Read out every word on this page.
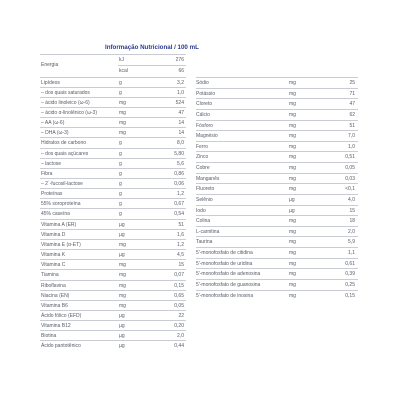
Informação Nutricional / 100 mL
Energia
kJ	276
kcal	66
Lipídeos	g	3,2
– dos quais saturados	g	1,0
– ácido linoleico (ω-6)	mg	524
– ácido α-linolênico (ω-3)	mg	47
– AA (ω-6)	mg	14
– DHA (ω-3)	mg	14
Hidratos de carbono	g	8,0
– dos quais açúcares	g	5,80
– lactose	g	5,6
Fibra	g	0,86
– 2´-fucosil-lactose	g	0,06
Proteínas	g	1,2
55% soroproteína	g	0,67
45% caseína	g	0,54
Vitamina A (ER)	µg	51
Vitamina D	µg	1,6
Vitamina E (α-ET)	mg	1,2
Vitamina K	µg	4,5
Vitamina C	mg	15
Tiamina	mg	0,07
Riboflavina	mg	0,15
Niacina (EN)	mg	0,65
Vitamina B6	mg	0,05
Ácido fólico (EFD)	µg	22
Vitamina B12	µg	0,20
Biotina	µg	2,0
Ácido pantotênico	µg	0,44
Sódio	mg	25
Potássio	mg	71
Cloreto	mg	47
Cálcio	mg	62
Fósforo	mg	51
Magnésio	mg	7,0
Ferro	mg	1,0
Zinco	mg	0,51
Cobre	mg	0,05
Manganês	mg	0,03
Fluoreto	mg	<0,1
Selênio	µg	4,0
Iodo	µg	15
Colina	mg	18
L-carnitina	mg	2,0
Taurina	mg	5,9
5'-monofosfato de citidina	mg	1,1
5'-monofosfato de uridina	mg	0,61
5'-monofosfato de adenosina	mg	0,39
5'-monofosfato de guanosina	mg	0,25
5'-monofosfato de inosina	mg	0,15
